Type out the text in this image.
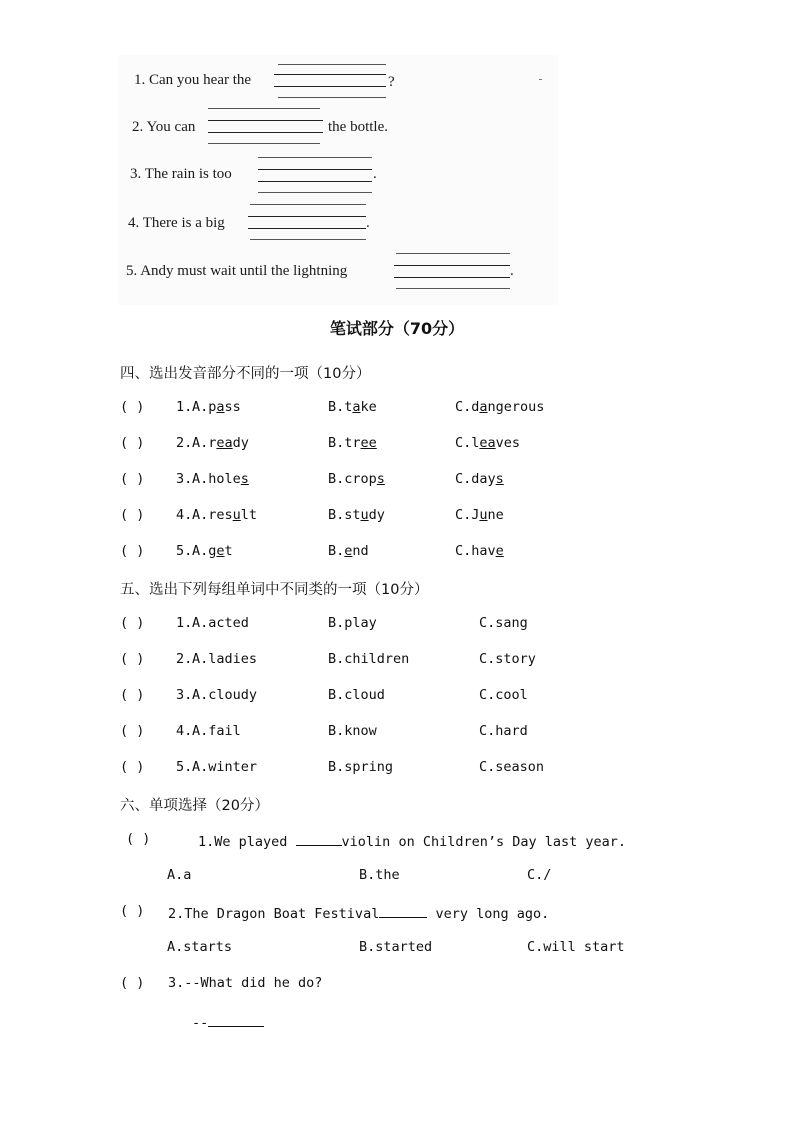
1. Can you hear the	?
2. You can	the bottle.
3. The rain is too	.
4. There is a big	.
5. Andy must wait until the lightning	.
笔试部分（70分）
四、选出发音部分不同的一项（10分）
( ) 1. A.pass	B.take	C.dangerous
( ) 2. A.ready	B.tree	C.leaves
( ) 3. A.holes	B.crops	C.days
( ) 4. A.result	B.study	C.June
( ) 5. A.get	B.end	C.have
五、选出下列每组单词中不同类的一项（10分）
( ) 1. A.acted	B.play	C.sang
( ) 2. A.ladies	B.children	C.story
( ) 3. A.cloudy	B.cloud	C.cool
( ) 4. A.fail	B.know	C.hard
( ) 5. A.winter	B.spring	C.season
六、单项选择（20分）
( )	1.We played	violin on Children’s Day last year.
A.a	B.the	C./
( ) 2.The Dragon Boat Festival	very long ago.
A.starts	B.started	C.will start
( ) 3.--What did he do?
--
